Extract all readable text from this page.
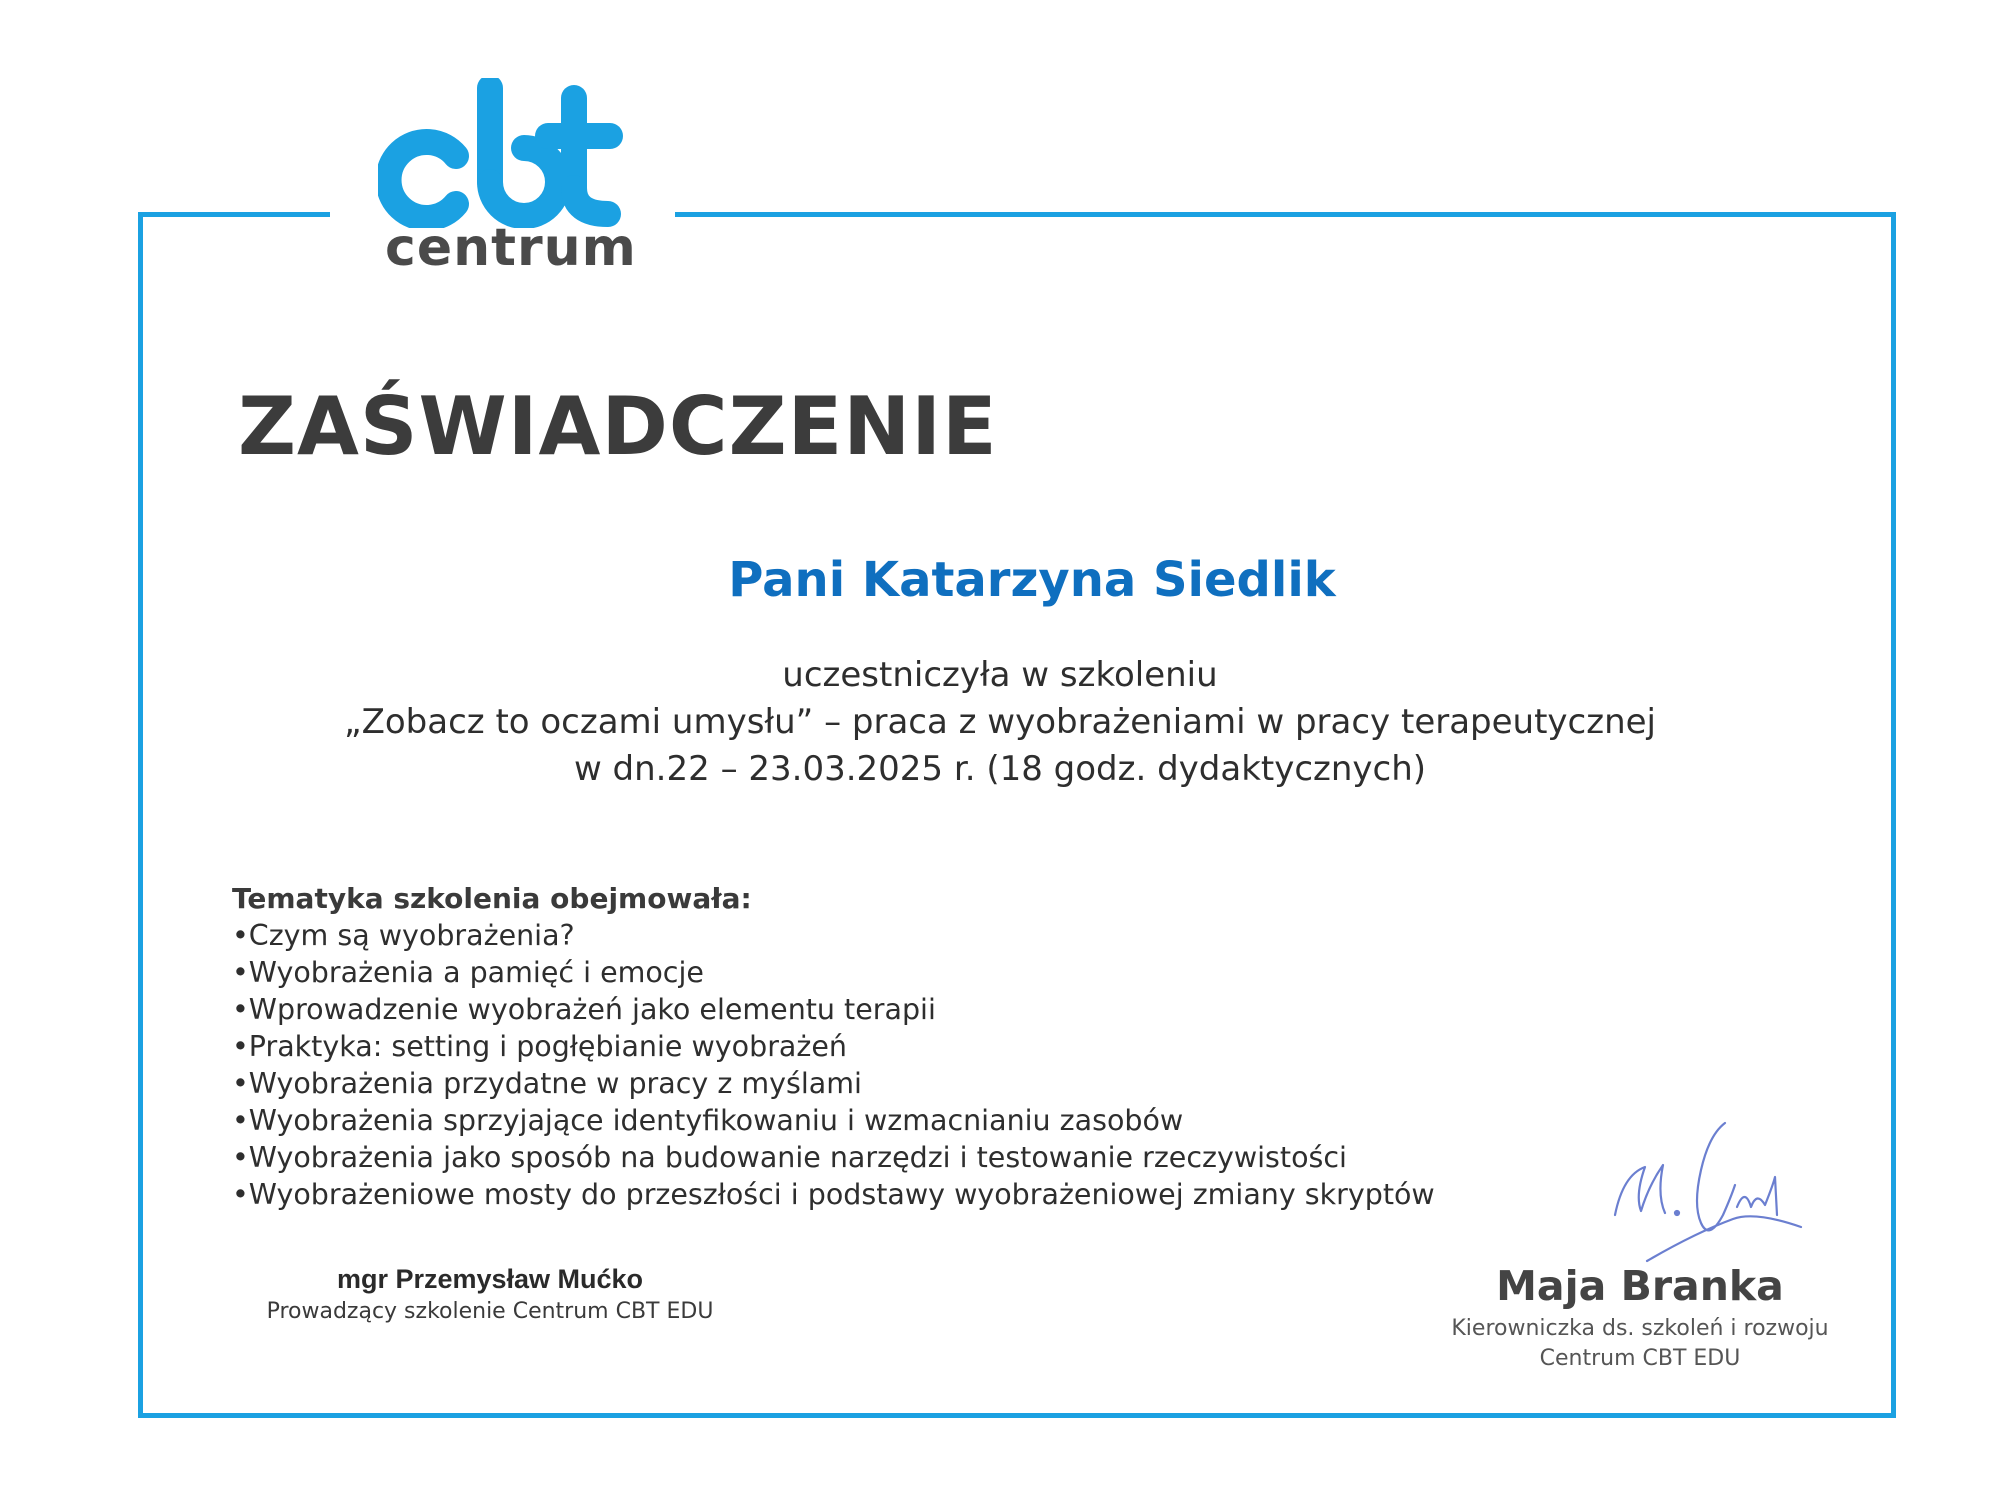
centrum
ZAŚWIADCZENIE
Pani Katarzyna Siedlik
uczestniczyła w szkoleniu
„Zobacz to oczami umysłu” – praca z wyobrażeniami w pracy terapeutycznej
w dn.22 – 23.03.2025 r. (18 godz. dydaktycznych)
Tematyka szkolenia obejmowała:
•Czym są wyobrażenia?
•Wyobrażenia a pamięć i emocje
•Wprowadzenie wyobrażeń jako elementu terapii
•Praktyka: setting i pogłębianie wyobrażeń
•Wyobrażenia przydatne w pracy z myślami
•Wyobrażenia sprzyjające identyfikowaniu i wzmacnianiu zasobów
•Wyobrażenia jako sposób na budowanie narzędzi i testowanie rzeczywistości
•Wyobrażeniowe mosty do przeszłości i podstawy wyobrażeniowej zmiany skryptów
mgr Przemysław Mućko
Prowadzący szkolenie Centrum CBT EDU
Maja Branka
Kierowniczka ds. szkoleń i rozwoju
Centrum CBT EDU
